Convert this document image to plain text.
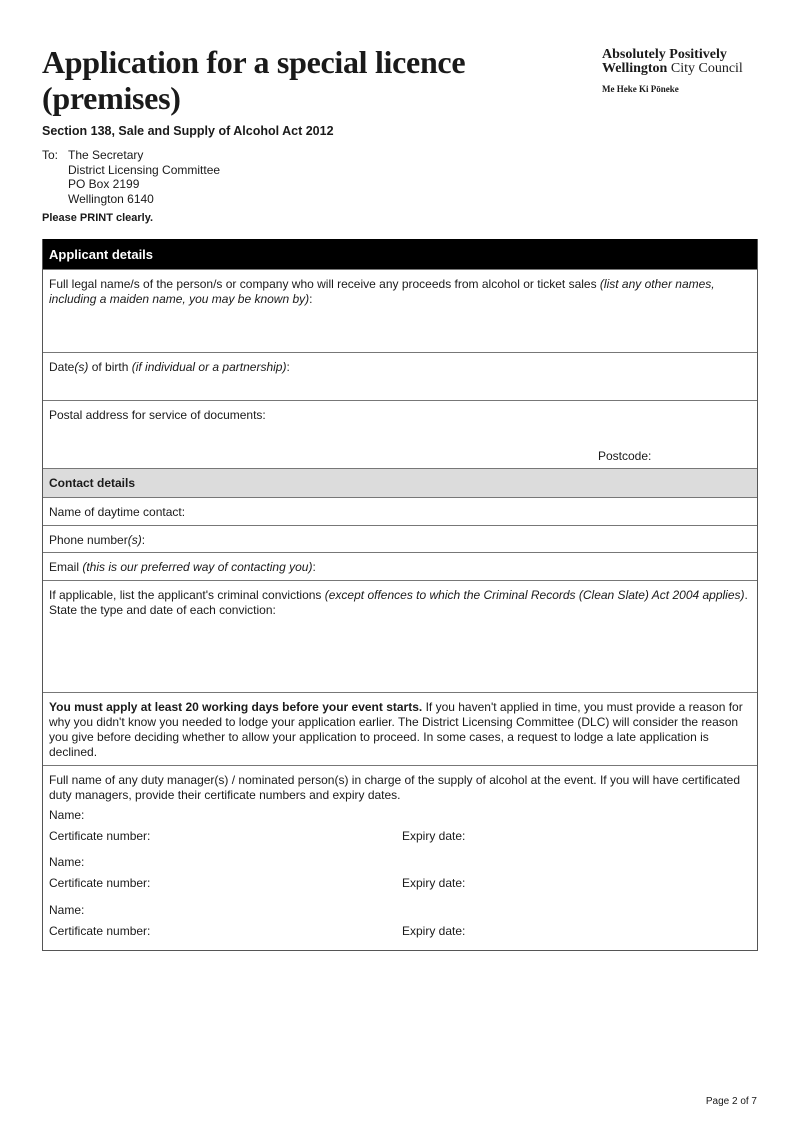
Application for a special licence
(premises)
Absolutely Positively
Wellington City Council
Me Heke Ki Pōneke
Section 138, Sale and Supply of Alcohol Act 2012
To: The Secretary
District Licensing Committee
PO Box 2199
Wellington 6140
Please PRINT clearly.
Applicant details
Full legal name/s of the person/s or company who will receive any proceeds from alcohol or ticket sales (list any other names, including a maiden name, you may be known by):
Date(s) of birth (if individual or a partnership):
Postal address for service of documents:
Postcode:
Contact details
Name of daytime contact:
Phone number(s):
Email (this is our preferred way of contacting you):
If applicable, list the applicant's criminal convictions (except offences to which the Criminal Records (Clean Slate) Act 2004 applies). State the type and date of each conviction:
You must apply at least 20 working days before your event starts. If you haven't applied in time, you must provide a reason for why you didn't know you needed to lodge your application earlier. The District Licensing Committee (DLC) will consider the reason you give before deciding whether to allow your application to proceed. In some cases, a request to lodge a late application is declined.
Full name of any duty manager(s) / nominated person(s) in charge of the supply of alcohol at the event. If you will have certificated duty managers, provide their certificate numbers and expiry dates.
Name:
Certificate number:	Expiry date:
Name:
Certificate number:	Expiry date:
Name:
Certificate number:	Expiry date:
Page 2 of 7
